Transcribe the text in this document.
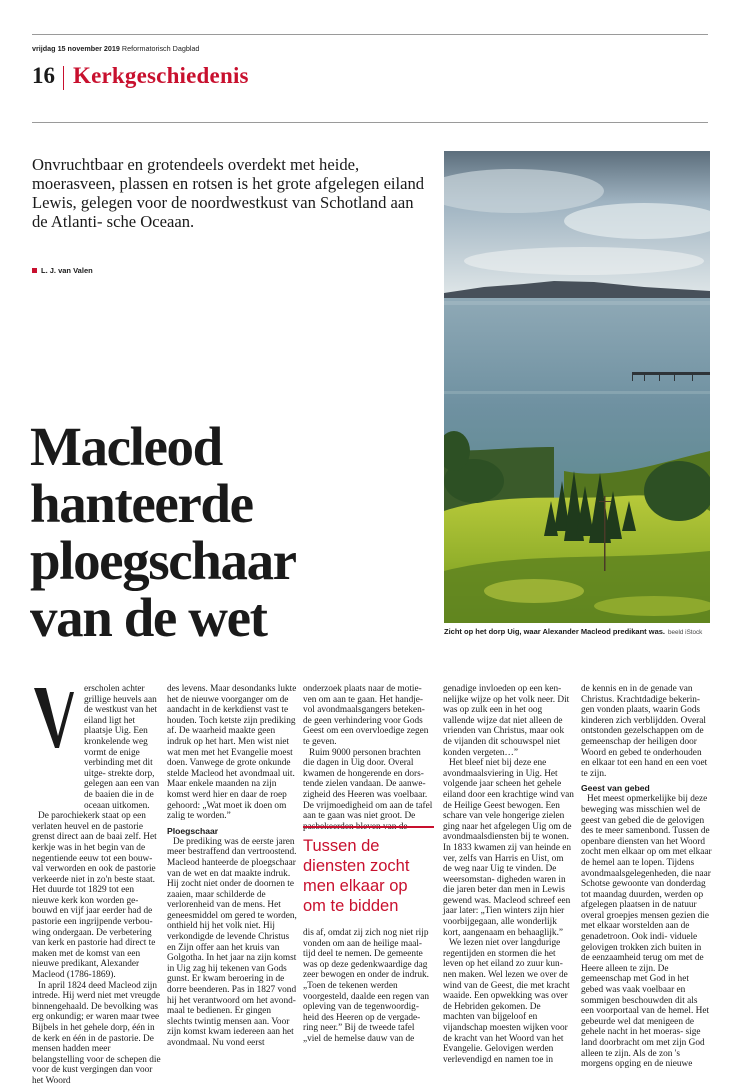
vrijdag 15 november 2019 Reformatorisch Dagblad
16 Kerkgeschiedenis
Onvruchtbaar en grotendeels overdekt met heide, moerasveen, plassen en rotsen is het grote afgelegen eiland Lewis, gelegen voor de noordwestkust van Schotland aan de Atlanti- sche Oceaan.
L. J. van Valen
Zicht op het dorp Uig, waar Alexander Macleod predikant was. beeld iStock
Macleod
hanteerde
ploegschaar
van de wet

erscholen achter grillige heuvels aan de westkust van het eiland ligt het plaatsje Uig. Een kronkelende weg vormt de enige verbinding met dit uitge- strekte dorp, gelegen aan een van de baaien die in de oceaan uitkomen.

De parochiekerk staat op een verlaten heuvel en de pastorie grenst direct aan de baai zelf. Het kerkje was in het begin van de negentiende eeuw tot een bouw- val verworden en ook de pastorie verkeerde niet in zo'n beste staat. Het duurde tot 1829 tot een nieuwe kerk kon worden ge- bouwd en vijf jaar eerder had de pastorie een ingrijpende verbou- wing ondergaan. De verbetering van kerk en pastorie had direct te maken met de komst van een nieuwe predikant, Alexander Macleod (1786-1869).

In april 1824 deed Macleod zijn intrede. Hij werd niet met vreugde binnengehaald. De bevolking was erg onkundig; er waren maar twee Bijbels in het gehele dorp, één in de kerk en één in de pastorie. De mensen hadden meer belangstelling voor de schepen die voor de kust vergingen dan voor het Woord

des levens. Maar desondanks lukte het de nieuwe voorganger om de aandacht in de kerkdienst vast te houden. Toch ketste zijn prediking af. De waarheid maakte geen indruk op het hart. Men wist niet wat men met het Evangelie moest doen. Vanwege de grote onkunde stelde Macleod het avondmaal uit. Maar enkele maanden na zijn komst werd hier en daar de roep gehoord: „Wat moet ik doen om zalig te worden.”

Ploegschaar

De prediking was de eerste jaren meer bestraffend dan vertroostend. Macleod hanteerde de ploegschaar van de wet en dat maakte indruk. Hij zocht niet onder de doornen te zaaien, maar schilderde de verlorenheid van de mens. Het geneesmiddel om gered te worden, onthield hij het volk niet. Hij verkondigde de levende Christus en Zijn offer aan het kruis van Golgotha. In het jaar na zijn komst in Uig zag hij tekenen van Gods gunst. Er kwam beroering in de dorre beenderen. Pas in 1827 vond hij het verantwoord om het avond- maal te bedienen. Er gingen slechts twintig mensen aan. Voor zijn komst kwam iedereen aan het avondmaal. Nu vond eerst

onderzoek plaats naar de motie- ven om aan te gaan. Het handje- vol avondmaalsgangers beteken- de geen verhindering voor Gods Geest om een overvloedige zegen te geven.

Ruim 9000 personen brachten die dagen in Uig door. Overal kwamen de hongerende en dors- tende zielen vandaan. De aanwe- zigheid des Heeren was voelbaar. De vrijmoedigheid om aan de tafel aan te gaan was niet groot. De

Tussen de diensten zocht men elkaar op om te bidden

dis af, omdat zij zich nog niet rijp vonden om aan de heilige maal- tijd deel te nemen. De gemeente was op deze gedenkwaardige dag zeer bewogen en onder de indruk. „Toen de tekenen werden voorgesteld, daalde een regen van opleving van de tegenwoordig- heid des Heeren op de vergade- ring neer.” Bij de tweede tafel „viel de hemelse dauw van de

genadige invloeden op een ken- nelijke wijze op het volk neer. Dit was op zulk een in het oog vallende wijze dat niet alleen de vrienden van Christus, maar ook de vijanden dit schouwspel niet konden vergeten…”

Het bleef niet bij deze ene avondmaalsviering in Uig. Het volgende jaar scheen het gehele eiland door een krachtige wind van de Heilige Geest bewogen. Een schare van vele hongerige zielen ging naar het afgelegen Uig om de avondmaalsdiensten bij te wonen. In 1833 kwamen zij van heinde en ver, zelfs van Harris en Uist, om de weg naar Uig te vinden. De weersomstan- digheden waren in die jaren beter dan men in Lewis gewend was. Macleod schreef een jaar later: „Tien winters zijn hier voorbijgegaan, alle wonderlijk kort, aangenaam en behaaglijk.”

We lezen niet over langdurige regentijden en stormen die het leven op het eiland zo zuur kun- nen maken. Wel lezen we over de wind van de Geest, die met kracht waaide. Een opwekking was over de Hebriden gekomen. De machten van bijgeloof en vijandschap moesten wijken voor de kracht van het Woord van het Evangelie. Gelovigen werden verlevendigd en namen toe in

de kennis en in de genade van Christus. Krachtdadige bekerin- gen vonden plaats, waarin Gods kinderen zich verblijdden. Overal ontstonden gezelschappen om de gemeenschap der heiligen door Woord en gebed te onderhouden en elkaar tot een hand en een voet te zijn.

Geest van gebed

Het meest opmerkelijke bij deze beweging was misschien wel de geest van gebed die de gelovigen des te meer samenbond. Tussen de openbare diensten van het Woord zocht men elkaar op om met elkaar de hemel aan te lopen. Tijdens avondmaalsgelegenheden, die naar Schotse gewoonte van donderdag tot maandag duurden, werden op afgelegen plaatsen in de natuur overal groepjes mensen gezien die met elkaar worstelden aan de genadetroon. Ook indi- viduele gelovigen trokken zich buiten in de eenzaamheid terug om met de Heere alleen te zijn. De gemeenschap met God in het gebed was vaak voelbaar en sommigen beschouwden dit als een voorportaal van de hemel. Het gebeurde wel dat menigeen de gehele nacht in het moeras- sige land doorbracht om met zijn God alleen te zijn. Als de zon 's morgens opging en de nieuwe
